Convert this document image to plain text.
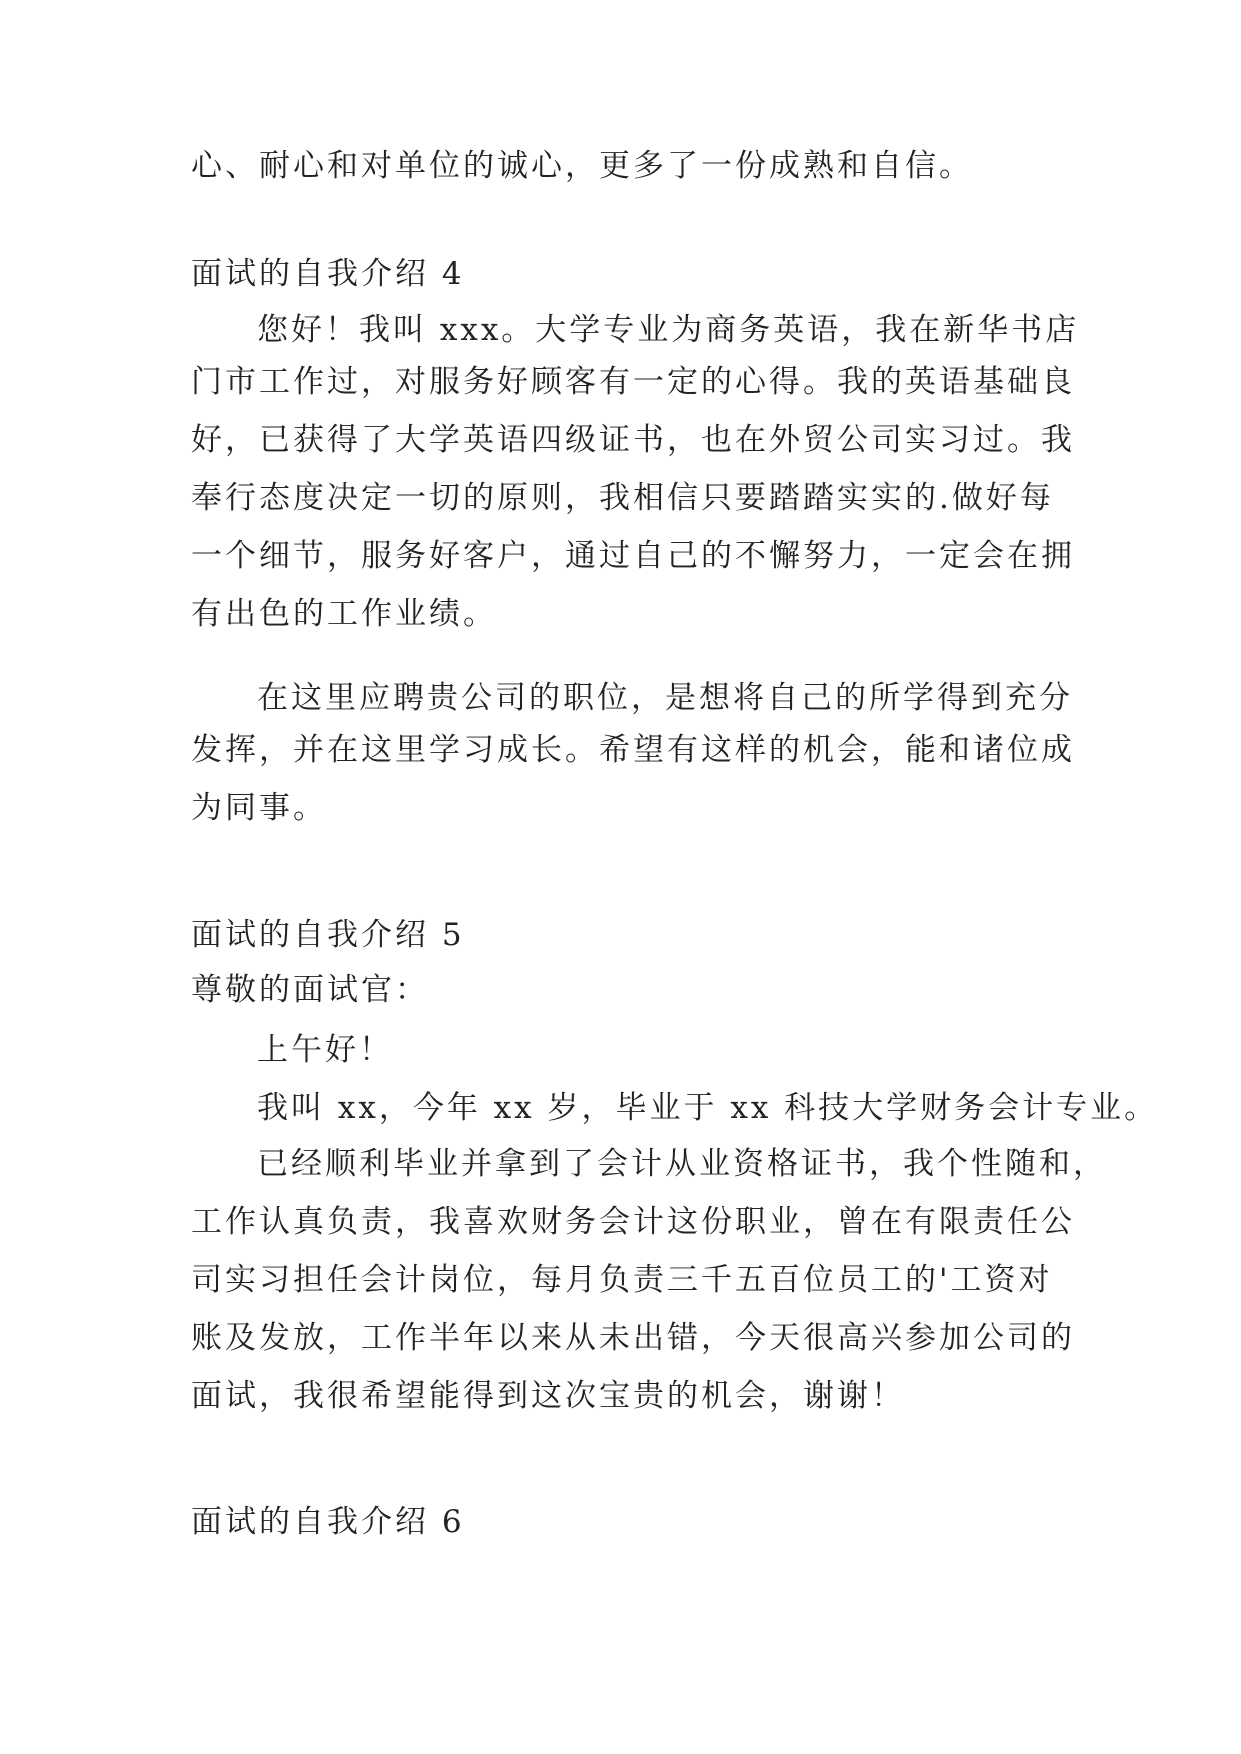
心、耐心和对单位的诚心，更多了一份成熟和自信。
面试的自我介绍 4
您好！我叫 xxx。大学专业为商务英语，我在新华书店
门市工作过，对服务好顾客有一定的心得。我的英语基础良
好，已获得了大学英语四级证书，也在外贸公司实习过。我
奉行态度决定一切的原则，我相信只要踏踏实实的.做好每
一个细节，服务好客户，通过自己的不懈努力，一定会在拥
有出色的工作业绩。
在这里应聘贵公司的职位，是想将自己的所学得到充分
发挥，并在这里学习成长。希望有这样的机会，能和诸位成
为同事。
面试的自我介绍 5
尊敬的面试官：
上午好！
我叫 xx，今年 xx 岁，毕业于 xx 科技大学财务会计专业。
已经顺利毕业并拿到了会计从业资格证书，我个性随和，
工作认真负责，我喜欢财务会计这份职业，曾在有限责任公
司实习担任会计岗位，每月负责三千五百位员工的'工资对
账及发放，工作半年以来从未出错，今天很高兴参加公司的
面试，我很希望能得到这次宝贵的机会，谢谢！
面试的自我介绍 6
